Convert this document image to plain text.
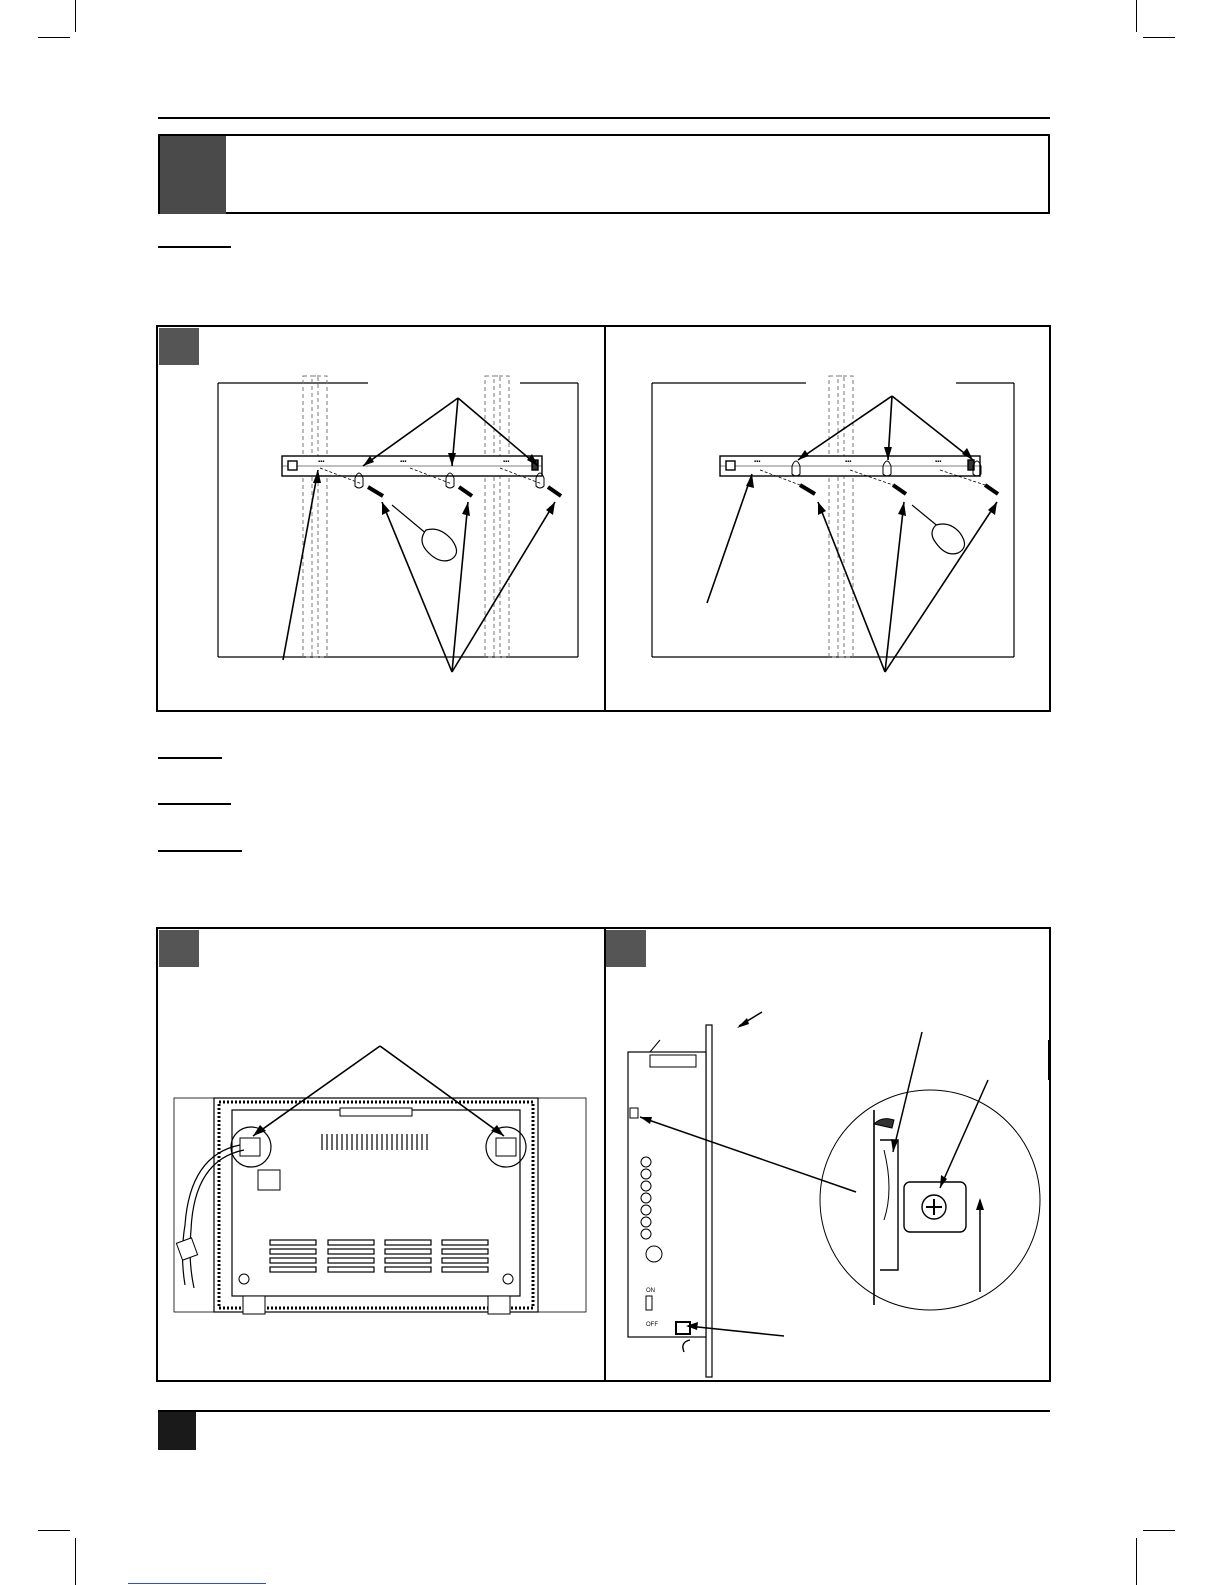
▪▪▪	▪▪▪	▪▪▪	▪▪▪	▪▪▪	▪▪▪
ON
OFF
